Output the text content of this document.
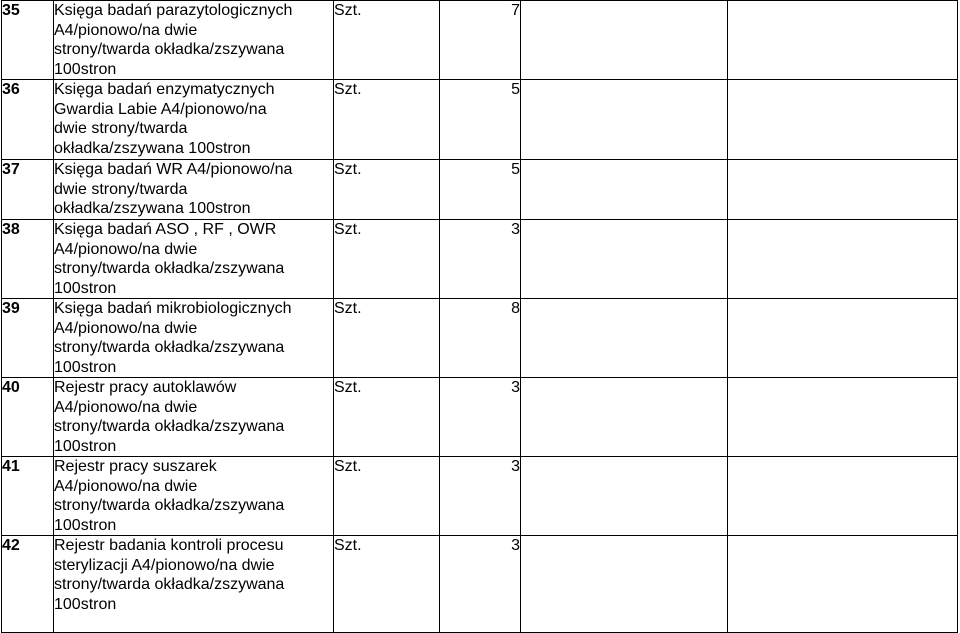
35	Księga badań parazytologicznych
A4/pionowo/na dwie
strony/twarda okładka/zszywana
100stron	Szt.	7		
36	Księga badań enzymatycznych
Gwardia Labie A4/pionowo/na
dwie strony/twarda
okładka/zszywana 100stron	Szt.	5		
37	Księga badań WR A4/pionowo/na
dwie strony/twarda
okładka/zszywana 100stron	Szt.	5		
38	Księga badań ASO , RF , OWR
A4/pionowo/na dwie
strony/twarda okładka/zszywana
100stron	Szt.	3		
39	Księga badań mikrobiologicznych
A4/pionowo/na dwie
strony/twarda okładka/zszywana
100stron	Szt.	8		
40	Rejestr pracy autoklawów
A4/pionowo/na dwie
strony/twarda okładka/zszywana
100stron	Szt.	3		
41	Rejestr pracy suszarek
A4/pionowo/na dwie
strony/twarda okładka/zszywana
100stron	Szt.	3		
42	Rejestr badania kontroli procesu
sterylizacji A4/pionowo/na dwie
strony/twarda okładka/zszywana
100stron	Szt.	3		
